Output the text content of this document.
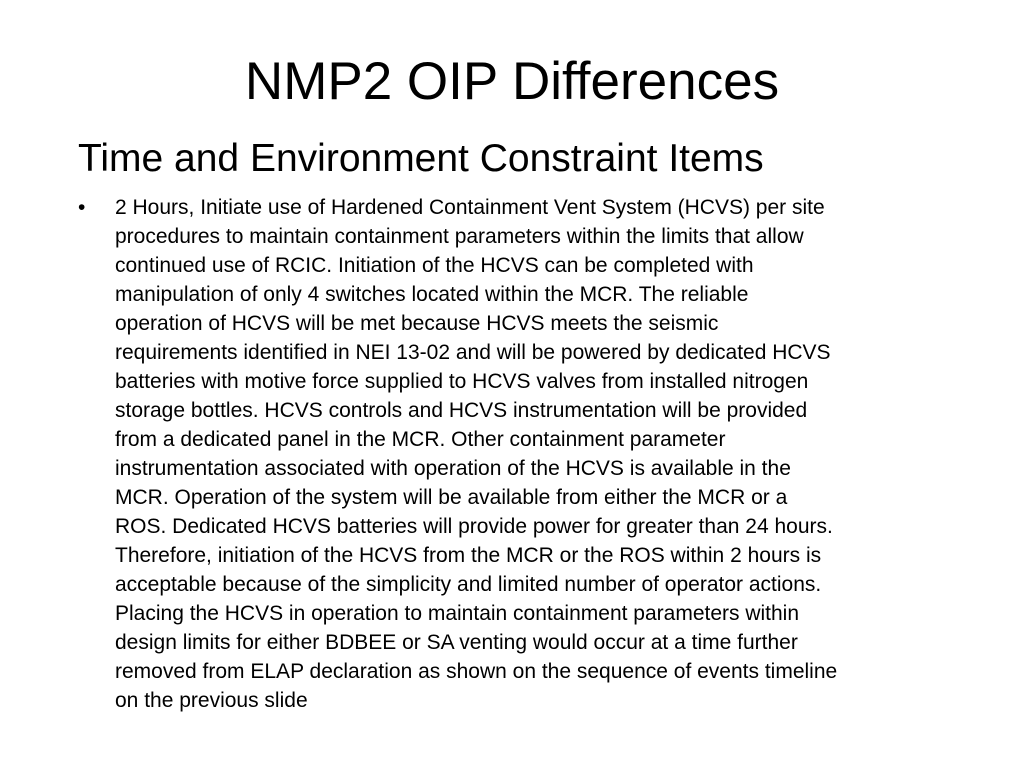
NMP2 OIP Differences
Time and Environment Constraint Items
•	2 Hours, Initiate use of Hardened Containment Vent System (HCVS) per site
procedures to maintain containment parameters within the limits that allow
continued use of RCIC. Initiation of the HCVS can be completed with
manipulation of only 4 switches located within the MCR. The reliable
operation of HCVS will be met because HCVS meets the seismic
requirements identified in NEI 13-02 and will be powered by dedicated HCVS
batteries with motive force supplied to HCVS valves from installed nitrogen
storage bottles. HCVS controls and HCVS instrumentation will be provided
from a dedicated panel in the MCR. Other containment parameter
instrumentation associated with operation of the HCVS is available in the
MCR. Operation of the system will be available from either the MCR or a
ROS. Dedicated HCVS batteries will provide power for greater than 24 hours.
Therefore, initiation of the HCVS from the MCR or the ROS within 2 hours is
acceptable because of the simplicity and limited number of operator actions.
Placing the HCVS in operation to maintain containment parameters within
design limits for either BDBEE or SA venting would occur at a time further
removed from ELAP declaration as shown on the sequence of events timeline
on the previous slide
